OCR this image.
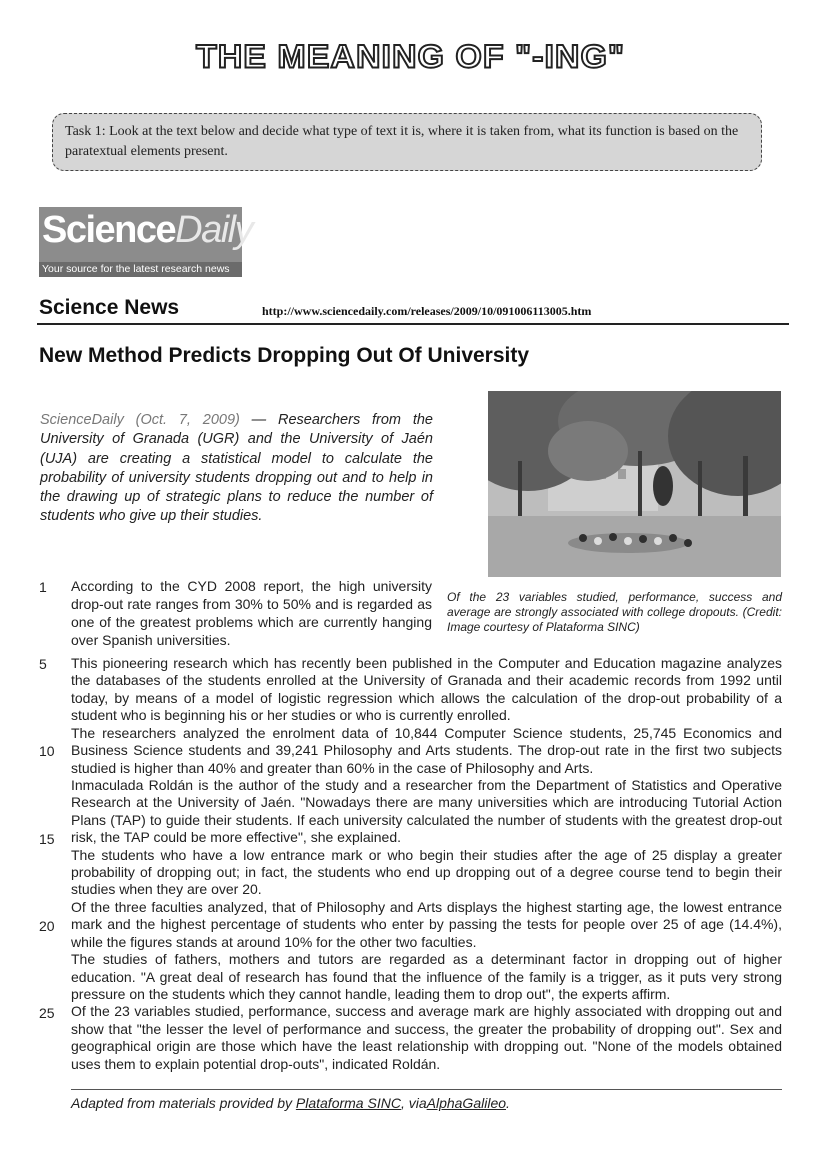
THE MEANING OF "-ING"
Task 1: Look at the text below and decide what type of text it is, where it is taken from, what its function is based on the paratextual elements present.
ScienceDaily
Your source for the latest research news
Science News	http://www.sciencedaily.com/releases/2009/10/091006113005.htm
New Method Predicts Dropping Out Of University
ScienceDaily (Oct. 7, 2009) — Researchers from the University of Granada (UGR) and the University of Jaén (UJA) are creating a statistical model to calculate the probability of university students dropping out and to help in the drawing up of strategic plans to reduce the number of students who give up their studies.
Of the 23 variables studied, performance, success and average are strongly associated with college dropouts. (Credit: Image courtesy of Plataforma SINC)
1
5
10
15
20
25

According to the CYD 2008 report, the high university drop-out rate ranges from 30% to 50% and is regarded as one of the greatest problems which are currently hanging over Spanish universities.

This pioneering research which has recently been published in the Computer and Education magazine analyzes the databases of the students enrolled at the University of Granada and their academic records from 1992 until today, by means of a model of logistic regression which allows the calculation of the drop-out probability of a student who is beginning his or her studies or who is currently enrolled.

The researchers analyzed the enrolment data of 10,844 Computer Science students, 25,745 Economics and Business Science students and 39,241 Philosophy and Arts students. The drop-out rate in the first two subjects studied is higher than 40% and greater than 60% in the case of Philosophy and Arts.

Inmaculada Roldán is the author of the study and a researcher from the Department of Statistics and Operative Research at the University of Jaén. "Nowadays there are many universities which are introducing Tutorial Action Plans (TAP) to guide their students. If each university calculated the number of students with the greatest drop-out risk, the TAP could be more effective", she explained.

The students who have a low entrance mark or who begin their studies after the age of 25 display a greater probability of dropping out; in fact, the students who end up dropping out of a degree course tend to begin their studies when they are over 20.

Of the three faculties analyzed, that of Philosophy and Arts displays the highest starting age, the lowest entrance mark and the highest percentage of students who enter by passing the tests for people over 25 of age (14.4%), while the figures stands at around 10% for the other two faculties.

The studies of fathers, mothers and tutors are regarded as a determinant factor in dropping out of higher education. "A great deal of research has found that the influence of the family is a trigger, as it puts very strong pressure on the students which they cannot handle, leading them to drop out", the experts affirm.

Of the 23 variables studied, performance, success and average mark are highly associated with dropping out and show that "the lesser the level of performance and success, the greater the probability of dropping out". Sex and geographical origin are those which have the least relationship with dropping out. "None of the models obtained uses them to explain potential drop-outs", indicated Roldán.

Adapted from materials provided by Plataforma SINC, viaAlphaGalileo.
